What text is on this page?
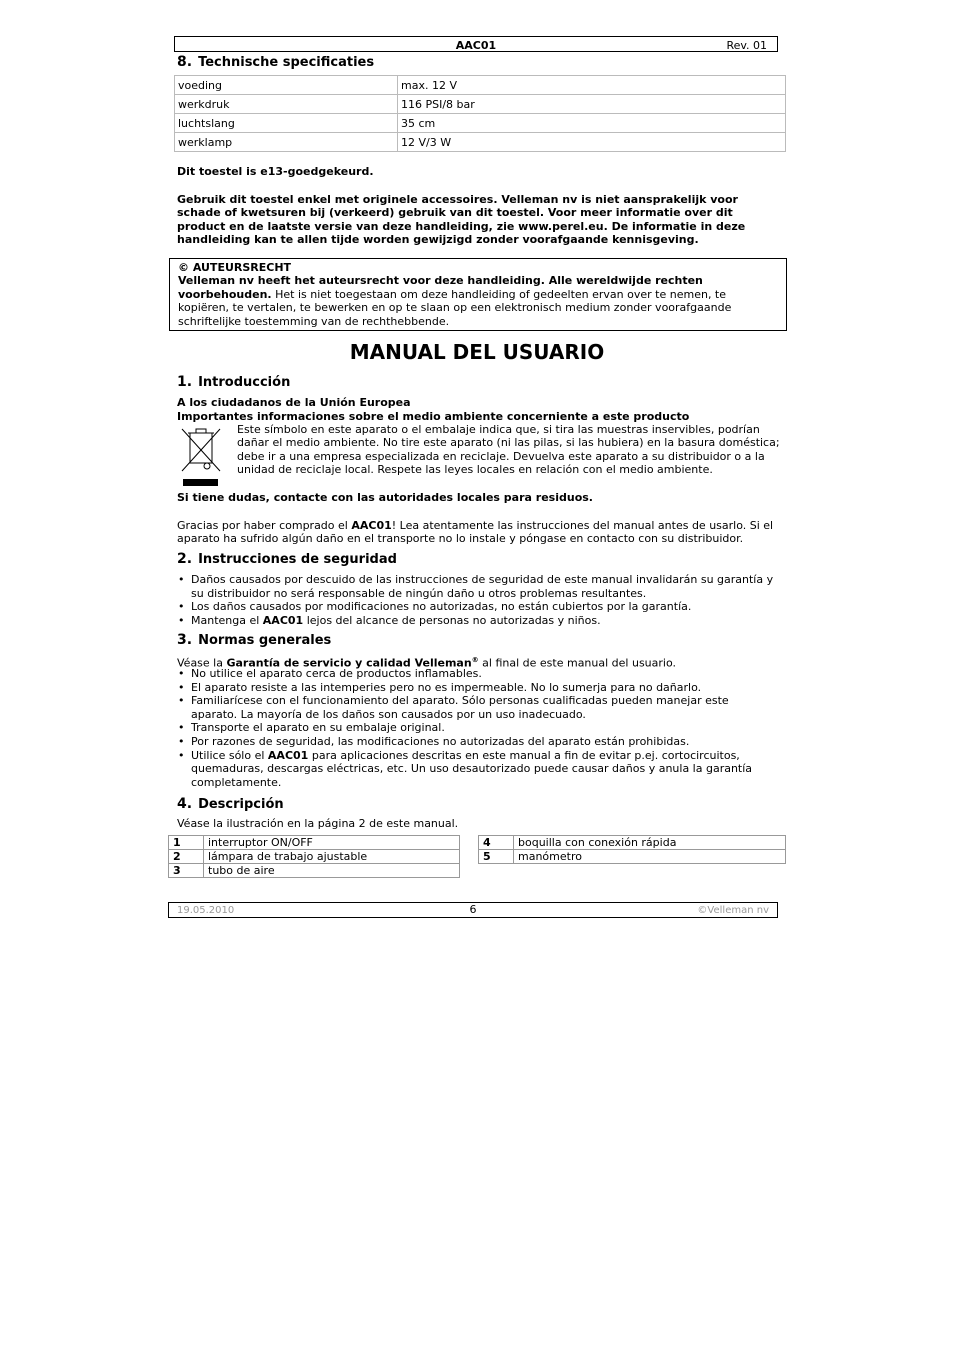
AAC01	Rev. 01
8. Technische specificaties
voeding	max. 12 V
werkdruk	116 PSI/8 bar
luchtslang	35 cm
werklamp	12 V/3 W

Dit toestel is e13-goedgekeurd.

Gebruik dit toestel enkel met originele accessoires. Velleman nv is niet aansprakelijk voor schade of kwetsuren bij (verkeerd) gebruik van dit toestel. Voor meer informatie over dit product en de laatste versie van deze handleiding, zie www.perel.eu. De informatie in deze handleiding kan te allen tijde worden gewijzigd zonder voorafgaande kennisgeving.

© AUTEURSRECHT

Velleman nv heeft het auteursrecht voor deze handleiding. Alle wereldwijde rechten voorbehouden. Het is niet toegestaan om deze handleiding of gedeelten ervan over te nemen, te kopiëren, te vertalen, te bewerken en op te slaan op een elektronisch medium zonder voorafgaande schriftelijke toestemming van de rechthebbende.

MANUAL DEL USUARIO
1. Introducción

A los ciudadanos de la Unión Europea

Importantes informaciones sobre el medio ambiente concerniente a este producto

Este símbolo en este aparato o el embalaje indica que, si tira las muestras inservibles, podrían dañar el medio ambiente. No tire este aparato (ni las pilas, si las hubiera) en la basura doméstica; debe ir a una empresa especializada en reciclaje. Devuelva este aparato a su distribuidor o a la unidad de reciclaje local. Respete las leyes locales en relación con el medio ambiente.

Si tiene dudas, contacte con las autoridades locales para residuos.

Gracias por haber comprado el AAC01! Lea atentamente las instrucciones del manual antes de usarlo. Si el aparato ha sufrido algún daño en el transporte no lo instale y póngase en contacto con su distribuidor.

2. Instrucciones de seguridad
• Daños causados por descuido de las instrucciones de seguridad de este manual invalidarán su garantía y su distribuidor no será responsable de ningún daño u otros problemas resultantes.
• Los daños causados por modificaciones no autorizadas, no están cubiertos por la garantía.
• Mantenga el AAC01 lejos del alcance de personas no autorizadas y niños.
3. Normas generales

Véase la Garantía de servicio y calidad Velleman® al final de este manual del usuario.

• No utilice el aparato cerca de productos inflamables.
• El aparato resiste a las intemperies pero no es impermeable. No lo sumerja para no dañarlo.
• Familiarícese con el funcionamiento del aparato. Sólo personas cualificadas pueden manejar este aparato. La mayoría de los daños son causados por un uso inadecuado.
• Transporte el aparato en su embalaje original.
• Por razones de seguridad, las modificaciones no autorizadas del aparato están prohibidas.
• Utilice sólo el AAC01 para aplicaciones descritas en este manual a fin de evitar p.ej. cortocircuitos, quemaduras, descargas eléctricas, etc. Un uso desautorizado puede causar daños y anula la garantía completamente.
4. Descripción

Véase la ilustración en la página 2 de este manual.

1	interruptor ON/OFF
2	lámpara de trabajo ajustable
3	tubo de aire
4	boquilla con conexión rápida
5	manómetro
19.05.2010	6	©Velleman nv
